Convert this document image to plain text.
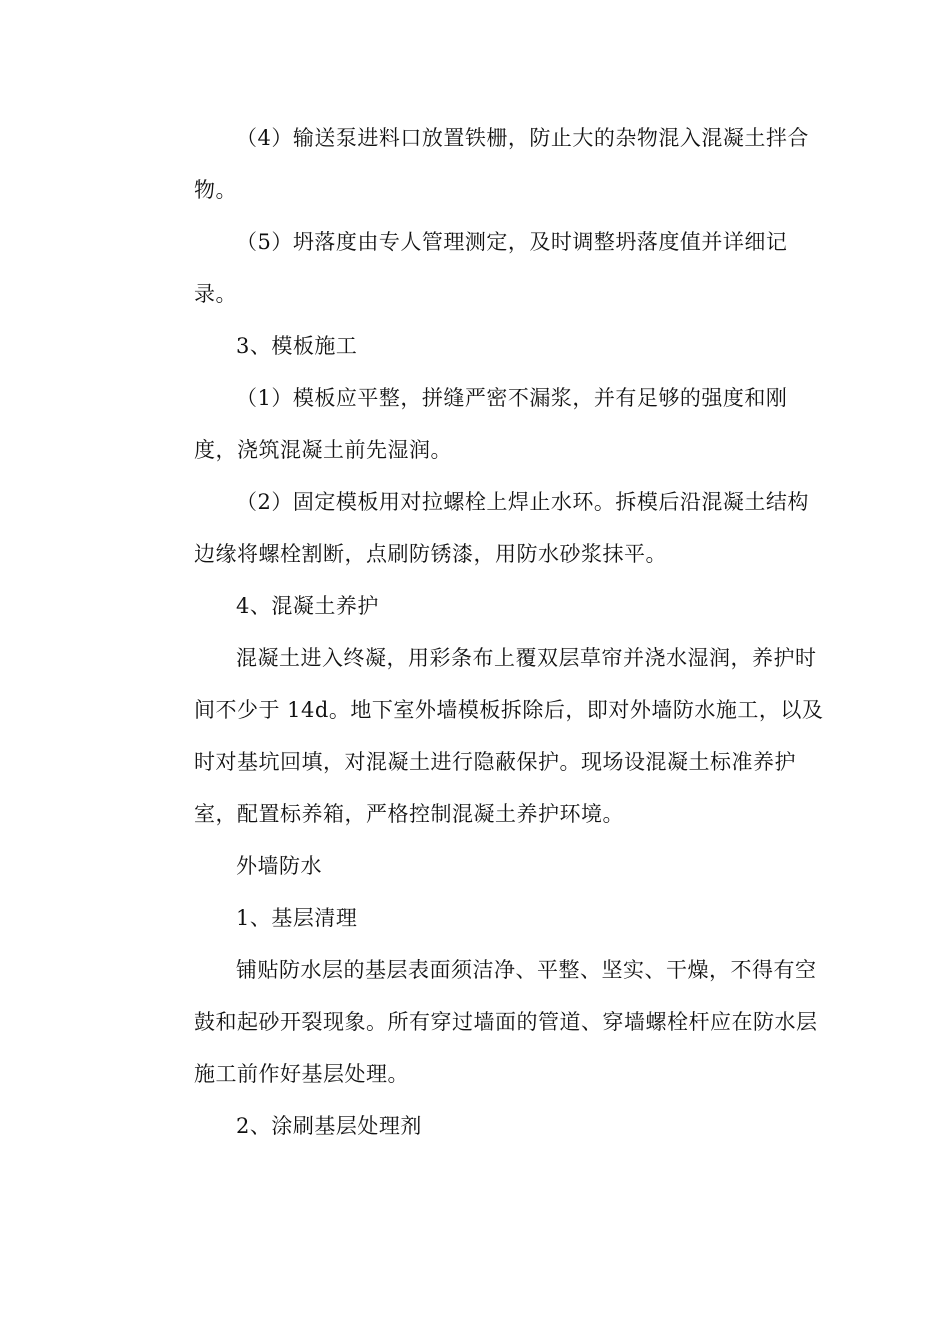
（4）输送泵进料口放置铁栅，防止大的杂物混入混凝土拌合
物。

（5）坍落度由专人管理测定，及时调整坍落度值并详细记
录。

3、模板施工

（1）模板应平整，拼缝严密不漏浆，并有足够的强度和刚
度，浇筑混凝土前先湿润。

（2）固定模板用对拉螺栓上焊止水环。拆模后沿混凝土结构
边缘将螺栓割断，点刷防锈漆，用防水砂浆抹平。

4、混凝土养护

混凝土进入终凝，用彩条布上覆双层草帘并浇水湿润，养护时
间不少于 14d。地下室外墙模板拆除后，即对外墙防水施工，以及
时对基坑回填，对混凝土进行隐蔽保护。现场设混凝土标准养护
室，配置标养箱，严格控制混凝土养护环境。

外墙防水

1、基层清理

铺贴防水层的基层表面须洁净、平整、坚实、干燥，不得有空
鼓和起砂开裂现象。所有穿过墙面的管道、穿墙螺栓杆应在防水层
施工前作好基层处理。

2、涂刷基层处理剂
